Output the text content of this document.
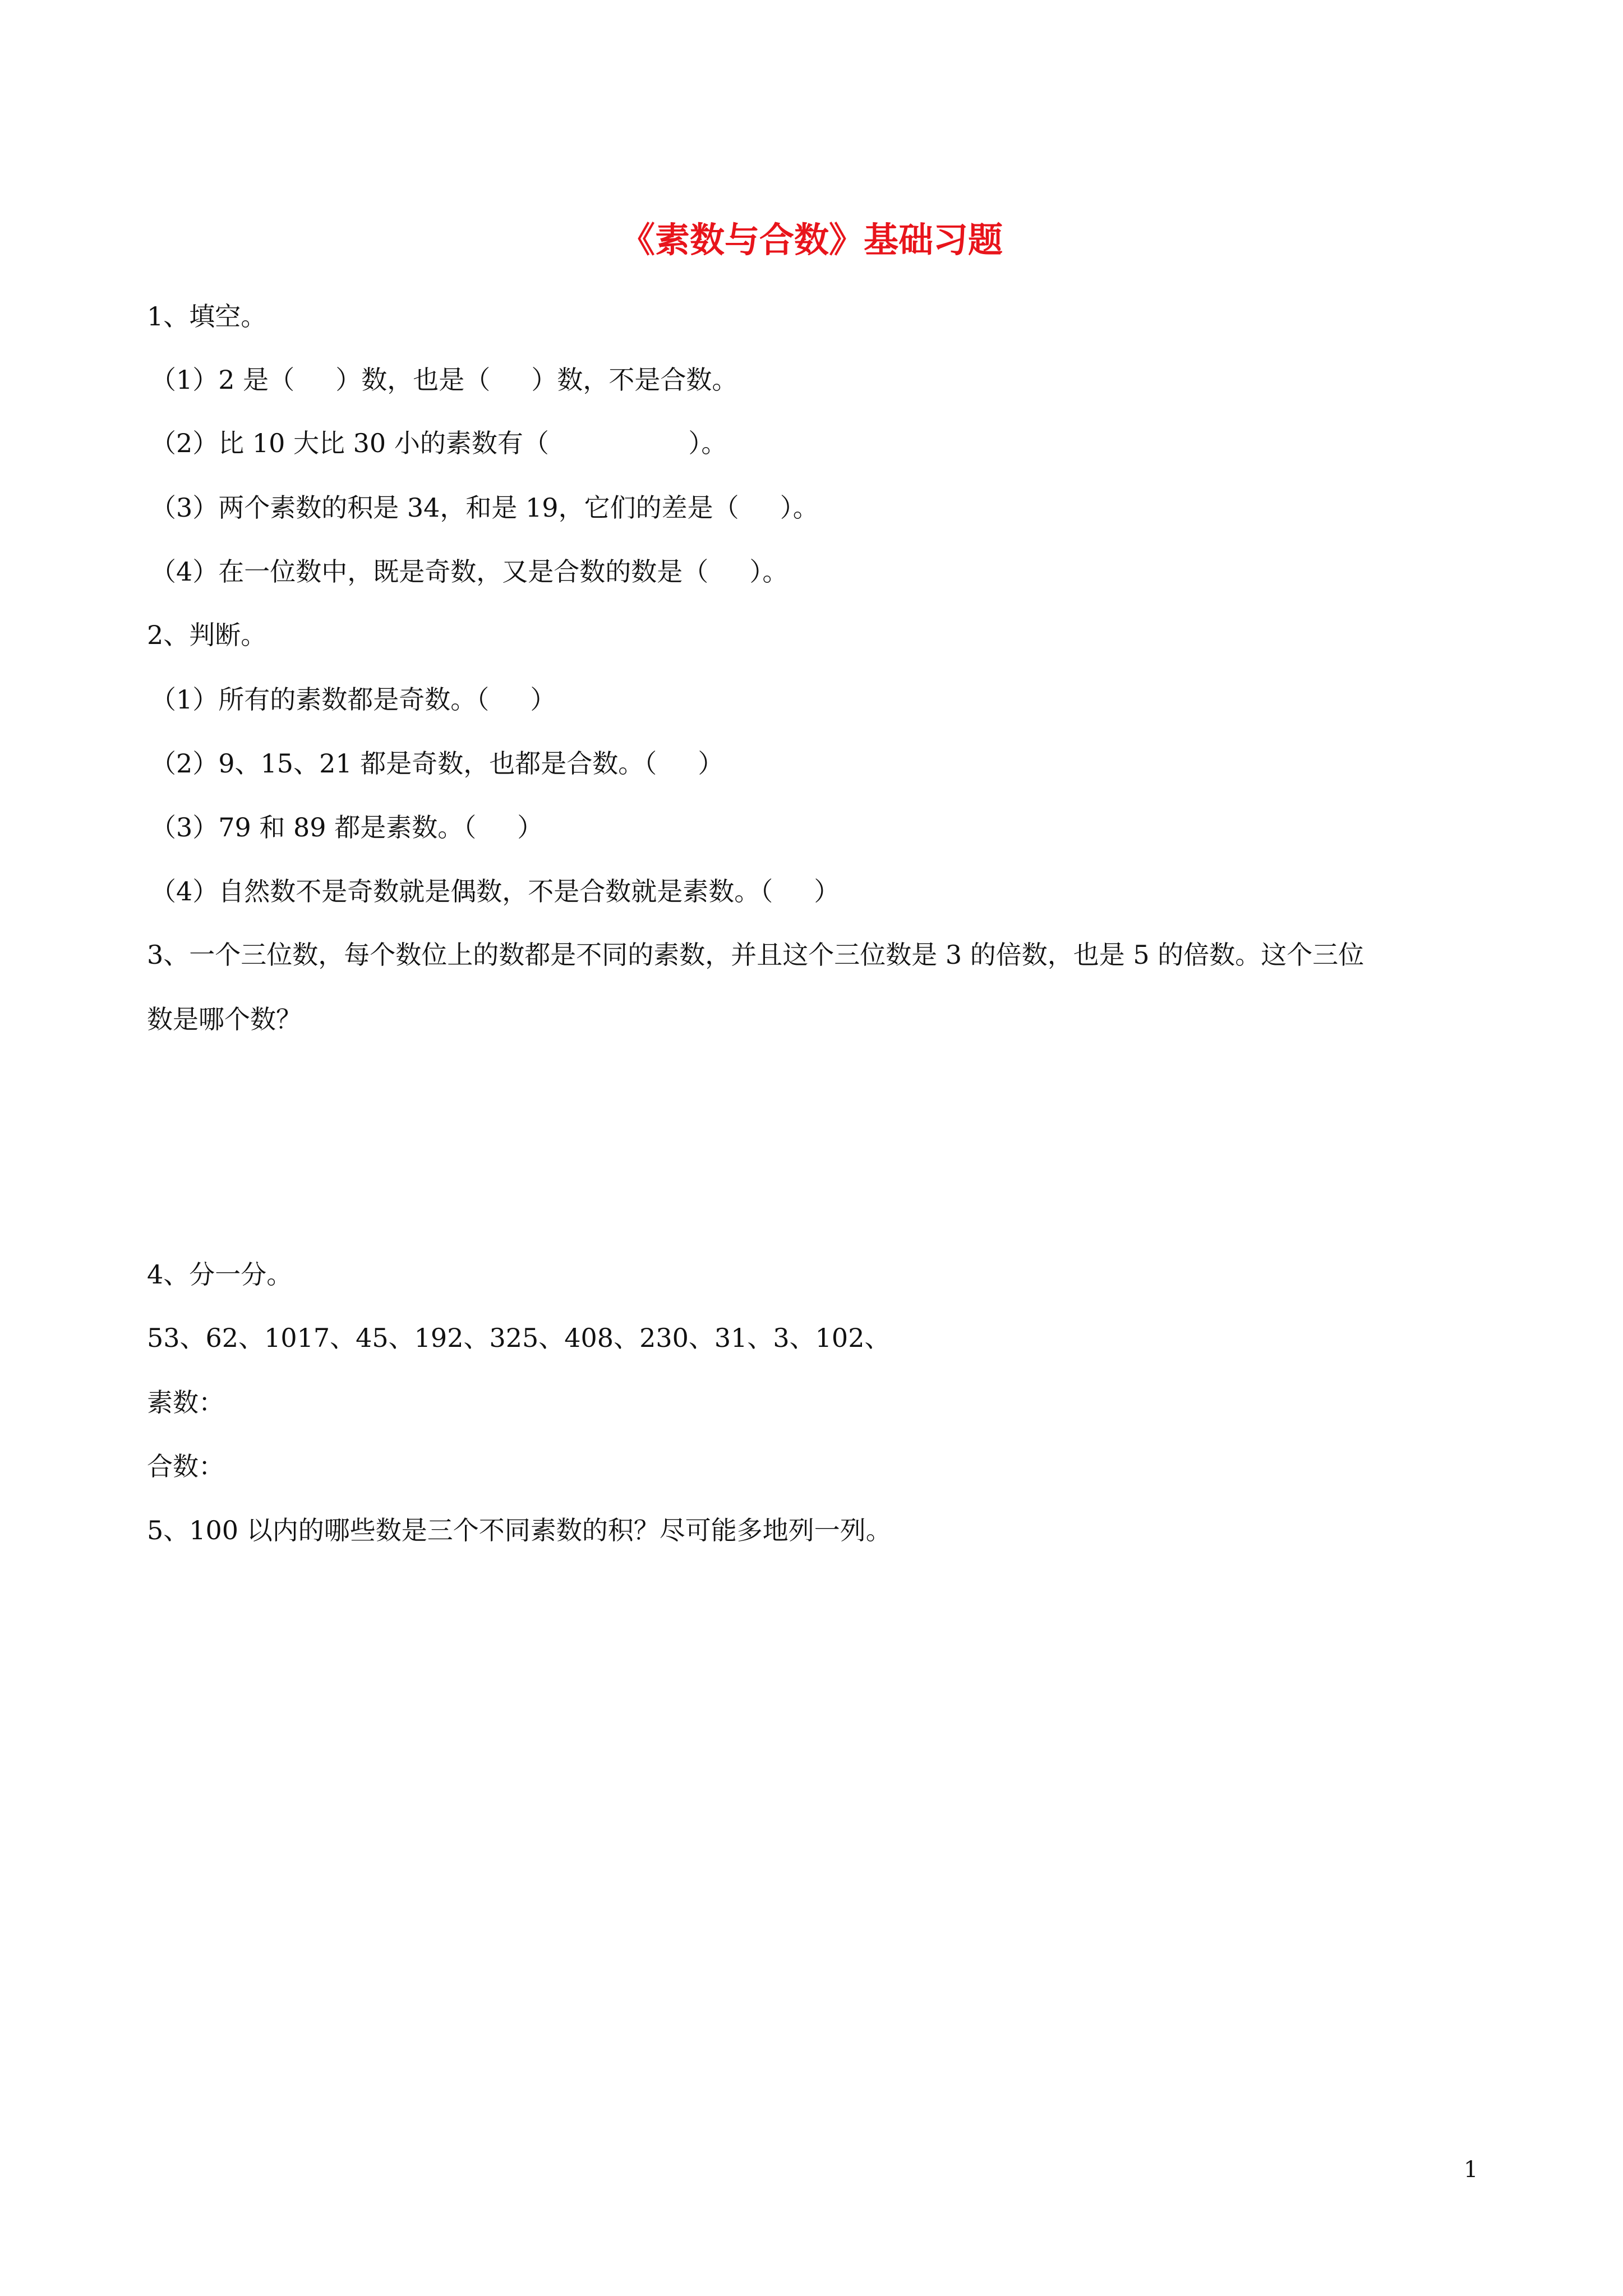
《素数与合数》基础习题
1、填空。
（1）2 是（     ）数，也是（     ）数，不是合数。
（2）比 10 大比 30 小的素数有（                 ）。
（3）两个素数的积是 34，和是 19，它们的差是（     ）。
（4）在一位数中，既是奇数，又是合数的数是（     ）。
2、判断。
（1）所有的素数都是奇数。（     ）
（2）9、15、21 都是奇数，也都是合数。（     ）
（3）79 和 89 都是素数。（     ）
（4）自然数不是奇数就是偶数，不是合数就是素数。（     ）
3、一个三位数，每个数位上的数都是不同的素数，并且这个三位数是 3 的倍数，也是 5 的倍数。这个三位
数是哪个数？
4、分一分。
53、62、1017、45、192、325、408、230、31、3、102、
素数：
合数：
5、100 以内的哪些数是三个不同素数的积？尽可能多地列一列。
1
